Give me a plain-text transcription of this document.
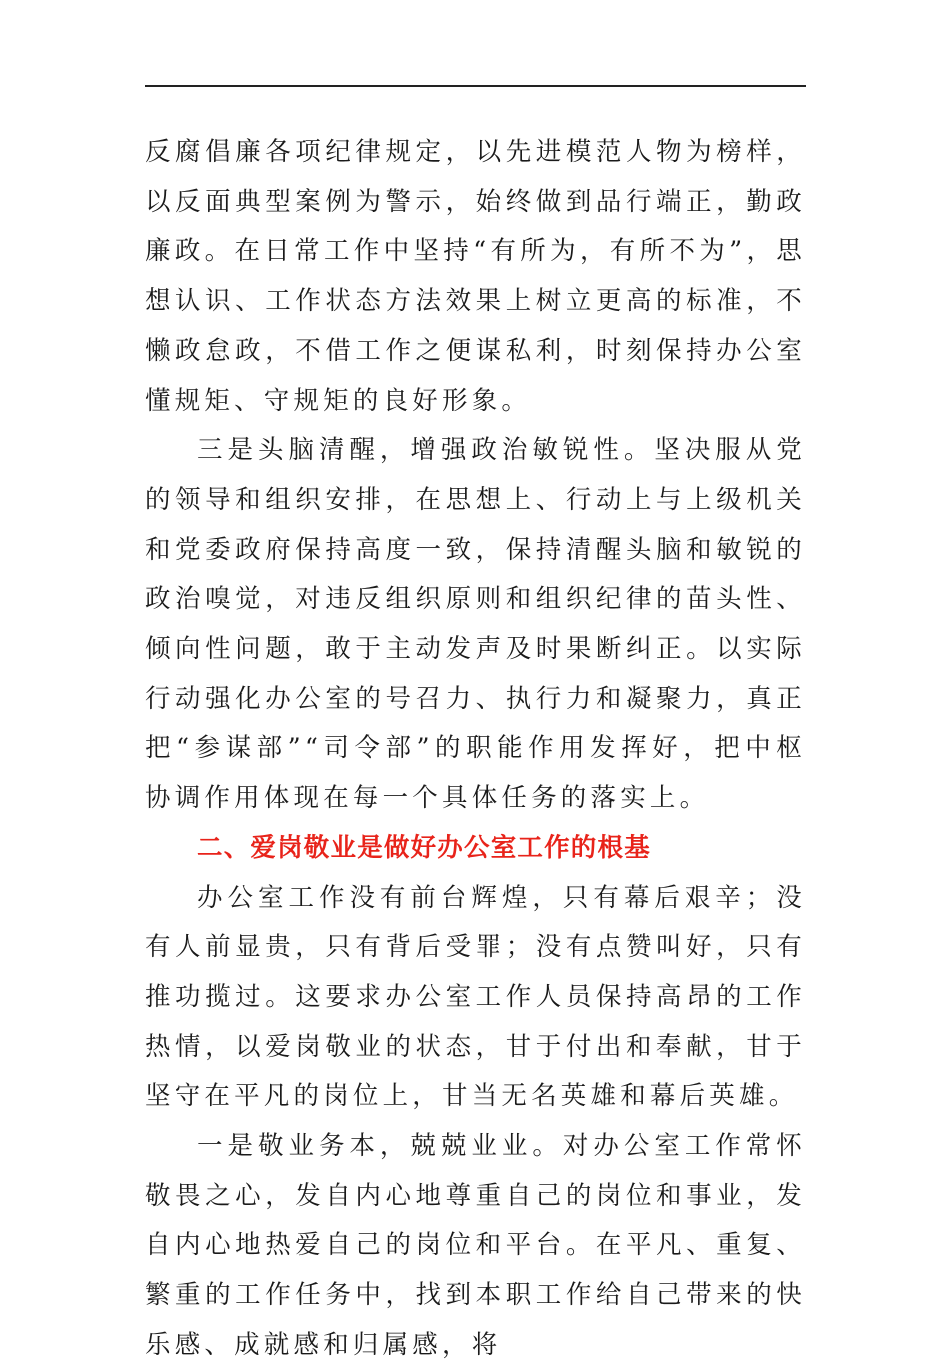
反腐倡廉各项纪律规定，以先进模范人物为榜样，以反面典型案例为警示，始终做到品行端正，勤政廉政。在日常工作中坚持“有所为，有所不为”，思想认识、工作状态方法效果上树立更高的标准，不懒政怠政，不借工作之便谋私利，时刻保持办公室懂规矩、守规矩的良好形象。

三是头脑清醒，增强政治敏锐性。坚决服从党的领导和组织安排，在思想上、行动上与上级机关和党委政府保持高度一致，保持清醒头脑和敏锐的政治嗅觉，对违反组织原则和组织纪律的苗头性、倾向性问题，敢于主动发声及时果断纠正。以实际行动强化办公室的号召力、执行力和凝聚力，真正把“参谋部”“司令部”的职能作用发挥好，把中枢协调作用体现在每一个具体任务的落实上。

二、爱岗敬业是做好办公室工作的根基

办公室工作没有前台辉煌，只有幕后艰辛；没有人前显贵，只有背后受罪；没有点赞叫好，只有推功揽过。这要求办公室工作人员保持高昂的工作热情，以爱岗敬业的状态，甘于付出和奉献，甘于坚守在平凡的岗位上，甘当无名英雄和幕后英雄。

一是敬业务本，兢兢业业。对办公室工作常怀敬畏之心，发自内心地尊重自己的岗位和事业，发自内心地热爱自己的岗位和平台。在平凡、重复、繁重的工作任务中，找到本职工作给自己带来的快乐感、成就感和归属感，将
